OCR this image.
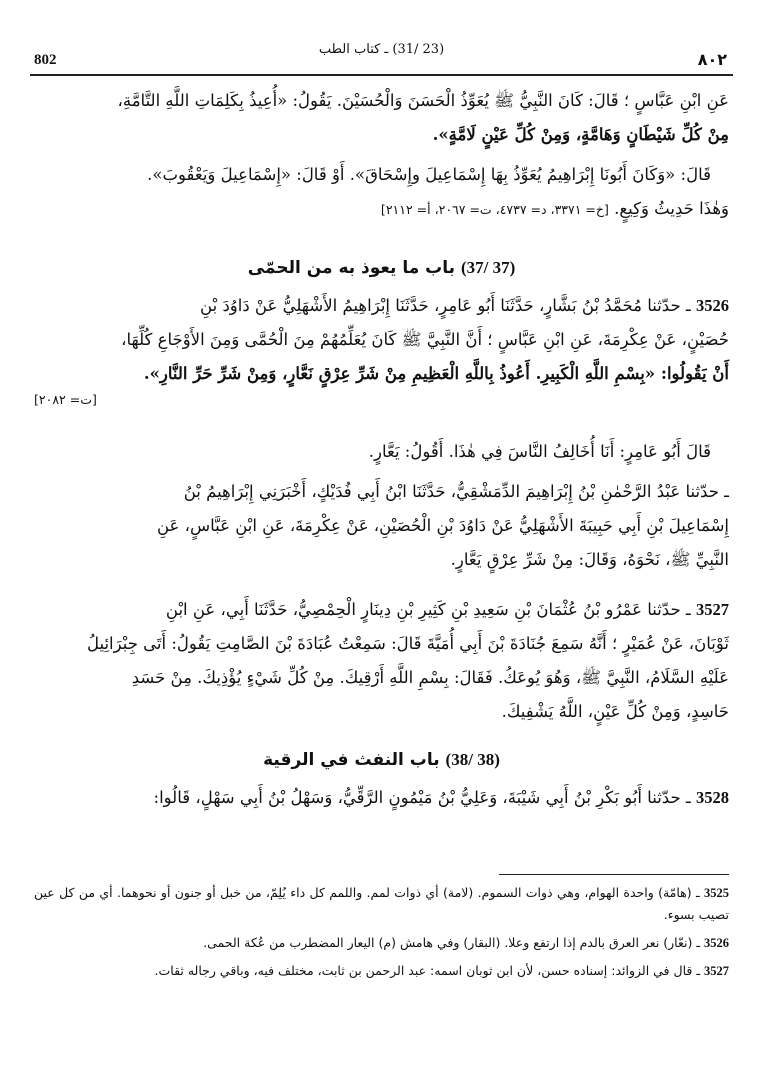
802
(23 /31) ـ كتاب الطب
٨٠٢

عَنِ ابْنِ عَبَّاسٍ ؛ قَالَ: كَانَ النَّبِيُّ ﷺ يُعَوِّذُ الْحَسَنَ وَالْحُسَيْنَ. يَقُولُ: «أُعِيذُ بِكَلِمَاتِ اللَّهِ التَّامَّةِ،

مِنْ كُلِّ شَيْطَانٍ وَهَامَّةٍ، وَمِنْ كُلِّ عَيْنٍ لَامَّةٍ».

قَالَ: «وَكَانَ أَبُونَا إِبْرَاهِيمُ يُعَوِّذُ بِهَا إِسْمَاعِيلَ وإِسْحَاقَ». أَوْ قَالَ: «إِسْمَاعِيلَ وَيَعْقُوبَ».

وَهٰذَا حَدِيثُ وَكِيعٍ. [خ= ٣٣٧١، د= ٤٧٣٧، ت= ٢٠٦٧، أ= ٢١١٢]

(37 /37) باب ما يعوذ به من الحمّى

3526 ـ حدّثنا مُحَمَّدُ بْنُ بَشَّارٍ، حَدَّثَنَا أَبُو عَامِرٍ، حَدَّثَنَا إِبْرَاهِيمُ الأَشْهَلِيُّ عَنْ دَاوُدَ بْنِ

حُصَيْنٍ، عَنْ عِكْرِمَةَ، عَنِ ابْنِ عَبَّاسٍ ؛ أَنَّ النَّبِيَّ ﷺ كَانَ يُعَلِّمُهُمْ مِنَ الْحُمَّى وَمِنَ الأَوْجَاعِ كُلِّهَا،

أَنْ يَقُولُوا: «بِسْمِ اللَّهِ الْكَبِيرِ. أَعُوذُ بِاللَّهِ الْعَظِيمِ مِنْ شَرِّ عِرْقٍ نَعَّارٍ، وَمِنْ شَرِّ حَرِّ النَّارِ».

[ت= ٢٠٨٢]

قَالَ أَبُو عَامِرٍ: أَنَا أُخَالِفُ النَّاسَ فِي هٰذَا. أَقُولُ: يَعَّارٍ.

ـ حدّثنا عَبْدُ الرَّحْمٰنِ بْنُ إِبْرَاهِيمَ الدِّمَشْقِيُّ، حَدَّثَنَا ابْنُ أَبِي فُدَيْكٍ، أَخْبَرَنِي إِبْرَاهِيمُ بْنُ

إِسْمَاعِيلَ بْنِ أَبِي حَبِيبَةَ الأَشْهَلِيُّ عَنْ دَاوُدَ بْنِ الْحُصَيْنِ، عَنْ عِكْرِمَةَ، عَنِ ابْنِ عَبَّاسٍ، عَنِ

النَّبِيِّ ﷺ، نَحْوَهُ، وَقَالَ: مِنْ شَرِّ عِرْقٍ يَعَّارٍ.

3527 ـ حدّثنا عَمْرُو بْنُ عُثْمَانَ بْنِ سَعِيدِ بْنِ كَثِيرِ بْنِ دِينَارٍ الْحِمْصِيُّ، حَدَّثَنَا أَبِي، عَنِ ابْنِ

ثَوْبَانَ، عَنْ عُمَيْرٍ ؛ أَنَّهُ سَمِعَ جُنَادَةَ بْنَ أَبِي أُمَيَّةَ قَالَ: سَمِعْتُ عُبَادَةَ بْنَ الصَّامِتِ يَقُولُ: أَتَى جِبْرَائِيلُ

عَلَيْهِ السَّلَامُ، النَّبِيَّ ﷺ، وَهُوَ يُوعَكُ. فَقَالَ: بِسْمِ اللَّهِ أَرْقِيكَ. مِنْ كُلِّ شَيْءٍ يُؤْذِيكَ. مِنْ حَسَدِ

حَاسِدٍ، وَمِنْ كُلِّ عَيْنٍ، اللَّهُ يَشْفِيكَ.

(38 /38) باب النفث في الرقية

3528 ـ حدّثنا أَبُو بَكْرِ بْنُ أَبِي شَيْبَةَ، وَعَلِيُّ بْنُ مَيْمُونٍ الرَّقِّيُّ، وَسَهْلُ بْنُ أَبِي سَهْلٍ، قَالُوا:

3525 ـ (هامّة) واحدة الهوام، وهي ذوات السموم. (لامة) أي ذوات لمم. واللمم كل داء يُلِمّ، من خبل أو جنون أو نحوهما. أي من كل عين تصيب بسوء.

3526 ـ (نعّار) نعر العرق بالدم إذا ارتفع وعلا. (البقار) وفي هامش (م) اليعار المضطرب من عُكة الحمى.

3527 ـ قال في الزوائد: إسناده حسن، لأن ابن ثوبان اسمه: عبد الرحمن بن ثابت، مختلف فيه، وباقي رجاله ثقات.
